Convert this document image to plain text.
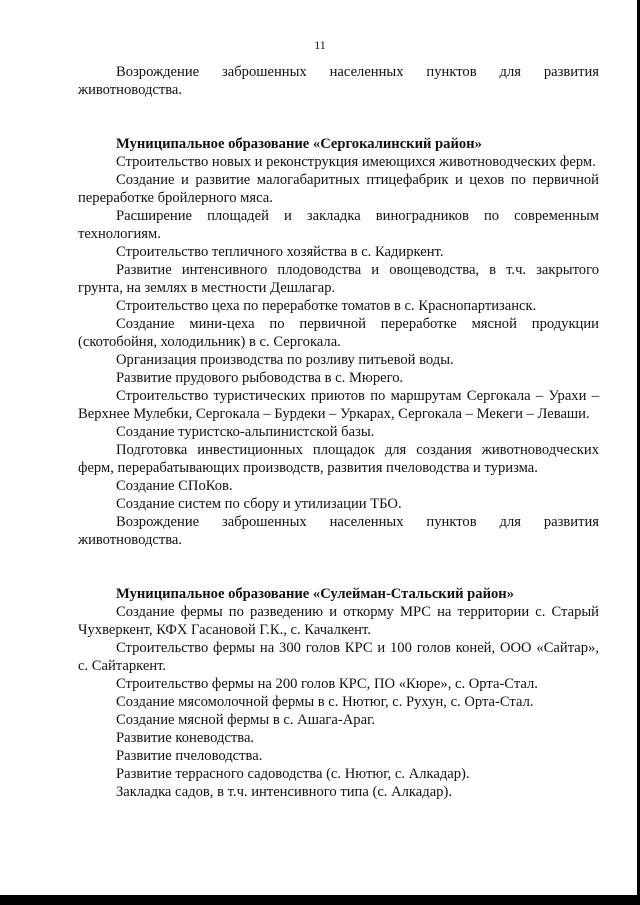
11

Возрождение заброшенных населенных пунктов для развития животноводства.

Муниципальное образование «Сергокалинский район»

Строительство новых и реконструкция имеющихся животноводческих ферм.

Создание и развитие малогабаритных птицефабрик и цехов по первичной переработке бройлерного мяса.

Расширение площадей и закладка виноградников по современным технологиям.

Строительство тепличного хозяйства в с. Кадиркент.

Развитие интенсивного плодоводства и овощеводства, в т.ч. закрытого грунта, на землях в местности Дешлагар.

Строительство цеха по переработке томатов в с. Краснопартизанск.

Создание мини-цеха по первичной переработке мясной продукции (скотобойня, холодильник) в с. Сергокала.

Организация производства по розливу питьевой воды.

Развитие прудового рыбоводства в с. Мюрего.

Строительство туристических приютов по маршрутам Сергокала – Урахи – Верхнее Мулебки, Сергокала – Бурдеки – Уркарах, Сергокала – Мекеги – Леваши.

Создание туристско-альпинистской базы.

Подготовка инвестиционных площадок для создания животноводческих ферм, перерабатывающих производств, развития пчеловодства и туризма.

Создание СПоКов.

Создание систем по сбору и утилизации ТБО.

Возрождение заброшенных населенных пунктов для развития животноводства.

Муниципальное образование «Сулейман-Стальский район»

Создание фермы по разведению и откорму МРС на территории с. Старый Чухверкент, КФХ Гасановой Г.К., с. Качалкент.

Строительство фермы на 300 голов КРС и 100 голов коней, ООО «Сайтар», с. Сайтаркент.

Строительство фермы на 200 голов КРС, ПО «Кюре», с. Орта-Стал.

Создание мясомолочной фермы в с. Нютюг, с. Рухун, с. Орта-Стал.

Создание мясной фермы в с. Ашага-Араг.

Развитие коневодства.

Развитие пчеловодства.

Развитие террасного садоводства (с. Нютюг, с. Алкадар).

Закладка садов, в т.ч. интенсивного типа (с. Алкадар).
